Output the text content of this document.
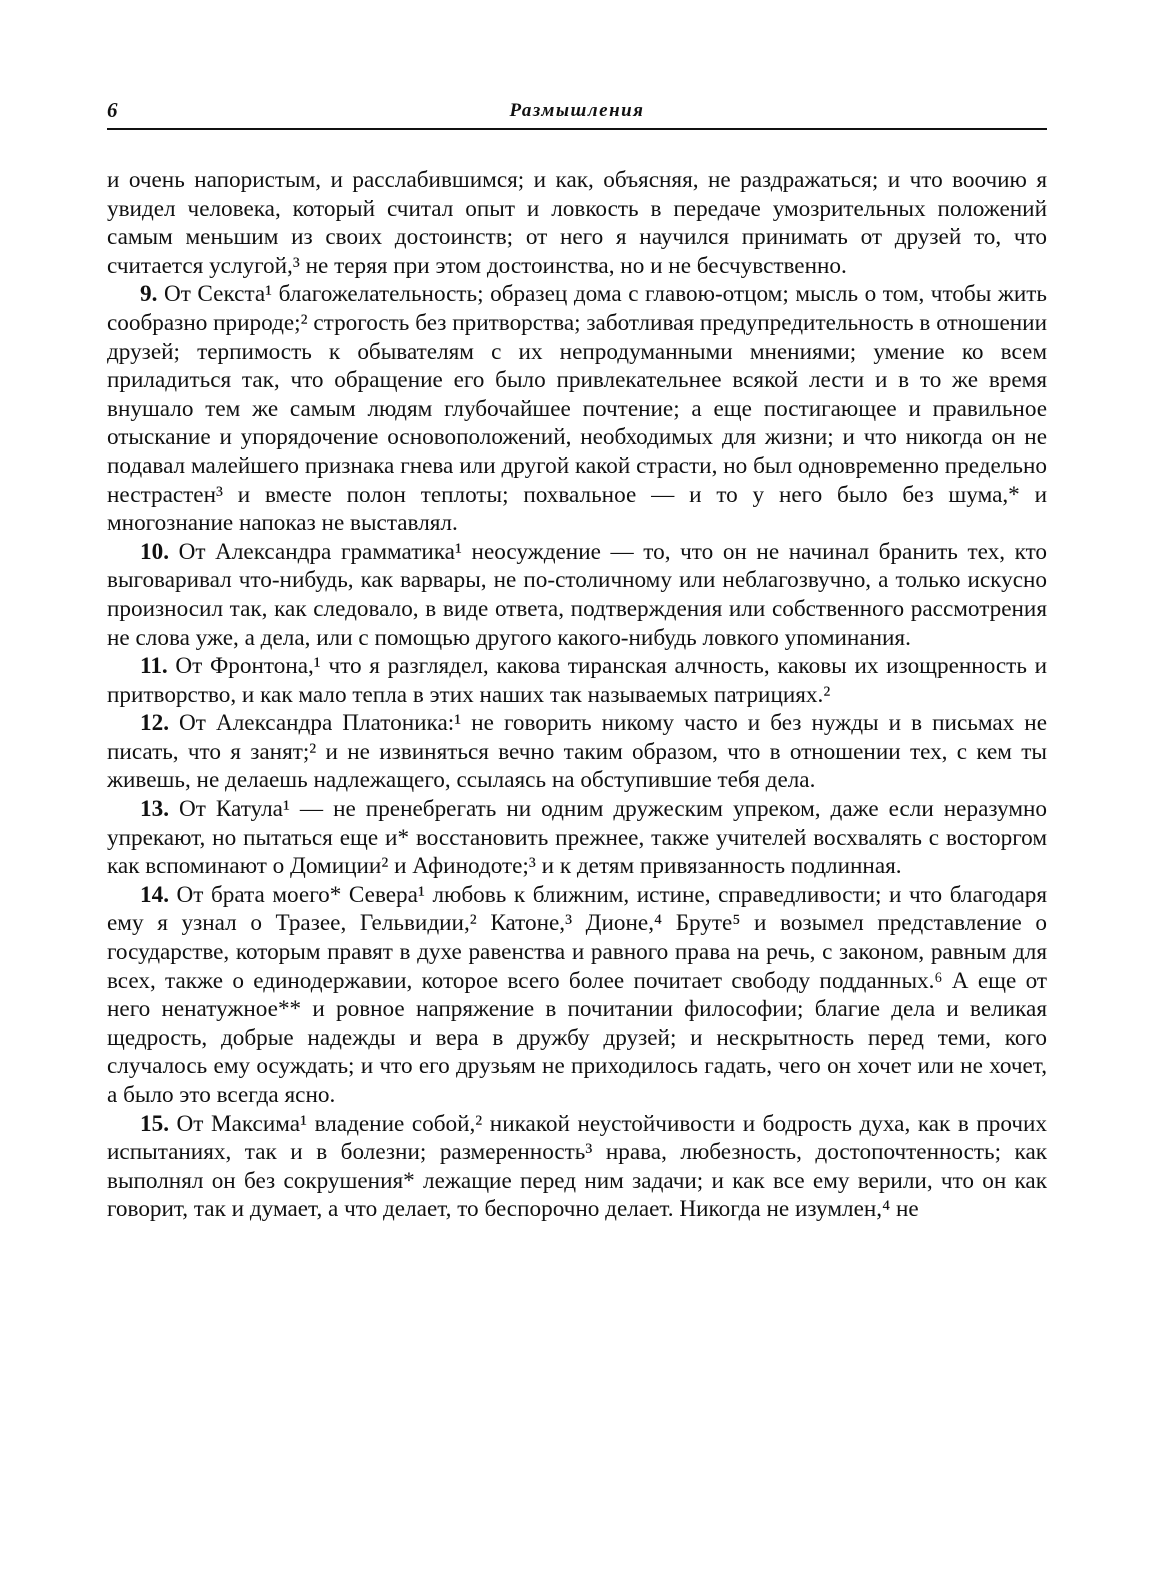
6	Размышления

и очень напористым, и расслабившимся; и как, объясняя, не раздражаться; и что воочию я увидел человека, который считал опыт и ловкость в передаче умозрительных положений самым меньшим из своих достоинств; от него я научился принимать от друзей то, что считается услугой,³ не теряя при этом достоинства, но и не бесчувственно.

9. От Секста¹ благожелательность; образец дома с главою-отцом; мысль о том, чтобы жить сообразно природе;² строгость без притворства; заботливая предупредительность в отношении друзей; терпимость к обывателям с их непродуманными мнениями; умение ко всем приладиться так, что обращение его было привлекательнее всякой лести и в то же время внушало тем же самым людям глубочайшее почтение; а еще постигающее и правильное отыскание и упорядочение основоположений, необходимых для жизни; и что никогда он не подавал малейшего признака гнева или другой какой страсти, но был одновременно предельно нестрастен³ и вместе полон теплоты; похвальное — и то у него было без шума,* и многознание напоказ не выставлял.

10. От Александра грамматика¹ неосуждение — то, что он не начинал бранить тех, кто выговаривал что-нибудь, как варвары, не по-столичному или неблагозвучно, а только искусно произносил так, как следовало, в виде ответа, подтверждения или собственного рассмотрения не слова уже, а дела, или с помощью другого какого-нибудь ловкого упоминания.

11. От Фронтона,¹ что я разглядел, какова тиранская алчность, каковы их изощренность и притворство, и как мало тепла в этих наших так называемых патрициях.²

12. От Александра Платоника:¹ не говорить никому часто и без нужды и в письмах не писать, что я занят;² и не извиняться вечно таким образом, что в отношении тех, с кем ты живешь, не делаешь надлежащего, ссылаясь на обступившие тебя дела.

13. От Катула¹ — не пренебрегать ни одним дружеским упреком, даже если неразумно упрекают, но пытаться еще и* восстановить прежнее, также учителей восхвалять с восторгом как вспоминают о Домиции² и Афинодоте;³ и к детям привязанность подлинная.

14. От брата моего* Севера¹ любовь к ближним, истине, справедливости; и что благодаря ему я узнал о Тразее, Гельвидии,² Катоне,³ Дионе,⁴ Бруте⁵ и возымел представление о государстве, которым правят в духе равенства и равного права на речь, с законом, равным для всех, также о единодержавии, которое всего более почитает свободу подданных.⁶ А еще от него ненатужное** и ровное напряжение в почитании философии; благие дела и великая щедрость, добрые надежды и вера в дружбу друзей; и нескрытность перед теми, кого случалось ему осуждать; и что его друзьям не приходилось гадать, чего он хочет или не хочет, а было это всегда ясно.

15. От Максима¹ владение собой,² никакой неустойчивости и бодрость духа, как в прочих испытаниях, так и в болезни; размеренность³ нрава, любезность, достопочтенность; как выполнял он без сокрушения* лежащие перед ним задачи; и как все ему верили, что он как говорит, так и думает, а что делает, то беспорочно делает. Никогда не изумлен,⁴ не
